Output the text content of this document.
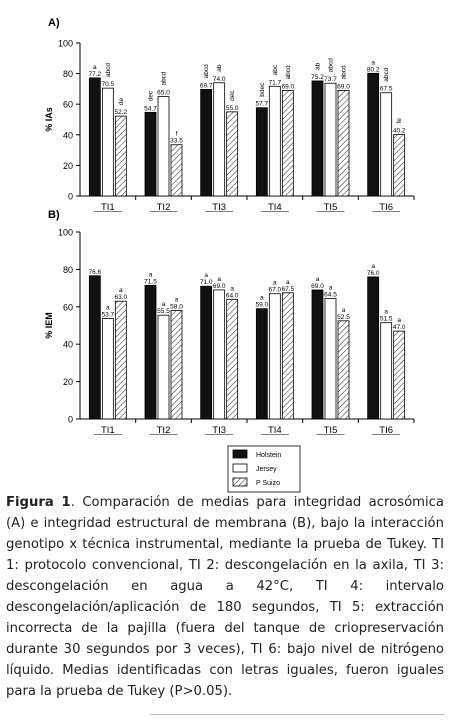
A)
% IAs
0
20
40
60
80
100
TI1
77.2
a
70.5
abcd
52.2
de
TI2
54.7
dec 65.0
abcd
33.5
f
TI3
69.7
abcd
74.0
ab
55.0
dec
TI4
57.7
bdec 71.7
abc
69.0
abcd
TI5
75.2
ab
73.7
abcd
69.0
abcd
TI6
80.2
a
67.5
abcd
40.2
fe
B)
% IEM
0
20
40
60
80
100
TI1
76.6
53.7
a
63.0
a
TI2
71.5
a
55.5
a 58.0
a
TI3
71.0
a
69.0
a
64.0
a
TI4
59.0
a
67.0
a
67.5
a
TI5
69.0
a
64.5
a
52.5
a
TI6
76.0
a
51.5
a
47.0
a
Holstein
Jersey
P Suizo
Figura 1. Comparación de medias para integridad acrosómica (A) e integridad estructural de membrana (B), bajo la interacción genotipo x técnica instrumental, mediante la prueba de Tukey. TI 1: protocolo convencional, TI 2: descongelación en la axila, TI 3: descongelación en agua a 42°C, TI 4: intervalo descongelación/aplicación de 180 segundos, TI 5: extracción incorrecta de la pajilla (fuera del tanque de criopreservación durante 30 segundos por 3 veces), TI 6: bajo nivel de nitrógeno líquido. Medias identificadas con letras iguales, fueron iguales para la prueba de Tukey (P>0.05).
